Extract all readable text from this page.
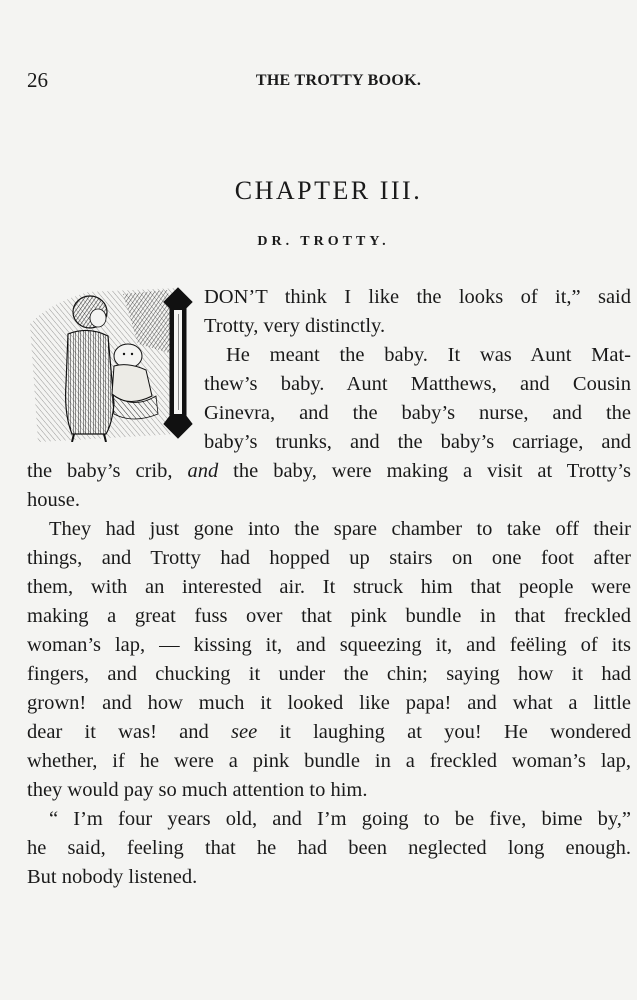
26	THE TROTTY BOOK.
CHAPTER III.
DR. TROTTY.
DON’T think I like the looks of it,” said
Trotty, very distinctly.
He meant the baby. It was Aunt Mat-
thew’s baby. Aunt Matthews, and Cousin
Ginevra, and the baby’s nurse, and the
baby’s trunks, and the baby’s carriage, and
the baby’s crib, and the baby, were making a visit at Trotty’s
house.
They had just gone into the spare chamber to take off their
things, and Trotty had hopped up stairs on one foot after
them, with an interested air. It struck him that people were
making a great fuss over that pink bundle in that freckled
woman’s lap, — kissing it, and squeezing it, and feëling of its
fingers, and chucking it under the chin; saying how it had
grown! and how much it looked like papa! and what a little
dear it was! and see it laughing at you! He wondered
whether, if he were a pink bundle in a freckled woman’s lap,
they would pay so much attention to him.
“ I’m four years old, and I’m going to be five, bime by,”
he said, feeling that he had been neglected long enough.
But nobody listened.
